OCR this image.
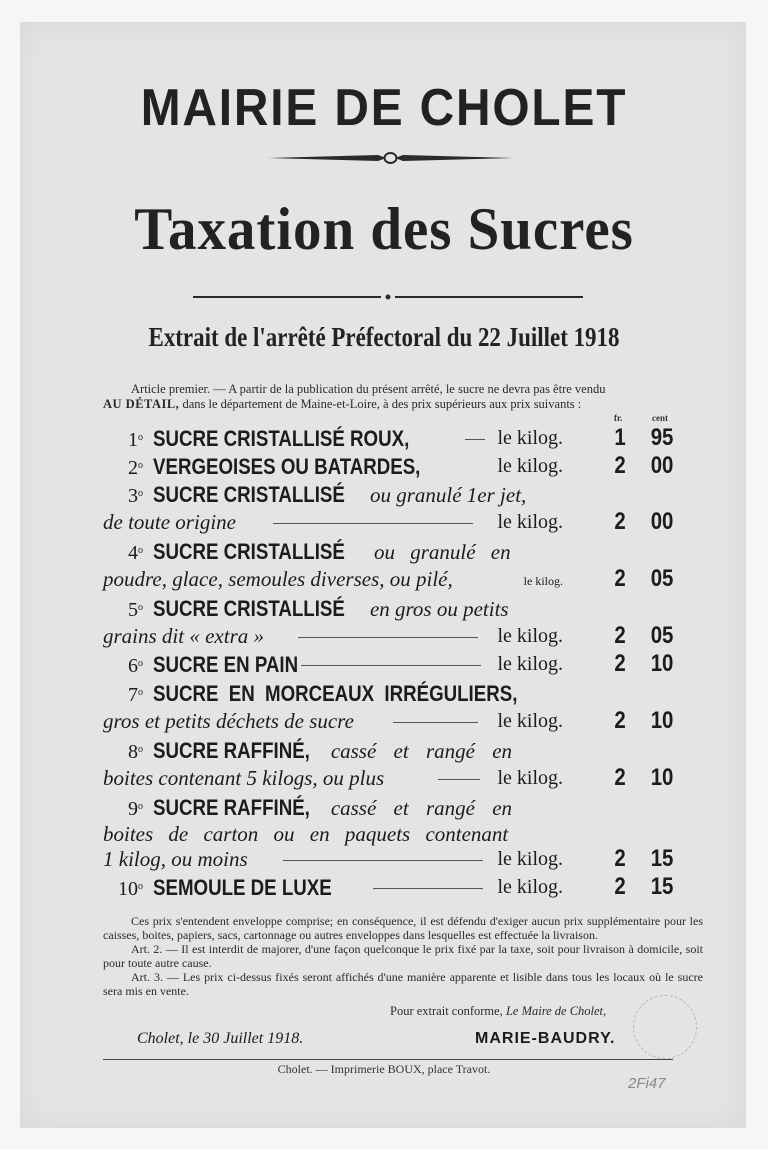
MAIRIE DE CHOLET
Taxation des Sucres
Extrait de l'arrêté Préfectoral du 22 Juillet 1918
Article premier. — A partir de la publication du présent arrêté, le sucre ne devra pas être vendu
AU DÉTAIL, dans le département de Maine-et-Loire, à des prix supérieurs aux prix suivants :
fr.	cent
1$^o$ SUCRE CRISTALLISÉ ROUX,	le kilog. 1 95
2$^o$ VERGEOISES OU BATARDES,	le kilog. 2 00
3$^o$ SUCRE CRISTALLISÉ ou granulé 1er jet,
de toute origine	le kilog. 2 00
4$^o$ SUCRE CRISTALLISÉ ou granulé en
poudre, glace, semoules diverses, ou pilé,	le kilog. 2 05
5$^o$ SUCRE CRISTALLISÉ en gros ou petits
grains dit « extra »	le kilog. 2 05
6$^o$ SUCRE EN PAIN	le kilog. 2 10
7$^o$ SUCRE EN MORCEAUX IRRÉGULIERS,
gros et petits déchets de sucre	le kilog. 2 10
8$^o$ SUCRE RAFFINÉ, cassé et rangé en
boites contenant 5 kilogs, ou plus	le kilog. 2 10
9$^o$ SUCRE RAFFINÉ, cassé et rangé en
boites de carton ou en paquets contenant
1 kilog, ou moins	le kilog. 2 15
10$^o$ SEMOULE DE LUXE	le kilog. 2 15

Ces prix s'entendent enveloppe comprise; en conséquence, il est défendu d'exiger aucun prix supplémentaire pour les caisses, boites, papiers, sacs, cartonnage ou autres enveloppes dans lesquelles est effectuée la livraison.

Art. 2. — Il est interdit de majorer, d'une façon quelconque le prix fixé par la taxe, soit pour livraison à domicile, soit pour toute autre cause.

Art. 3. — Les prix ci-dessus fixés seront affichés d'une manière apparente et lisible dans tous les locaux où le sucre sera mis en vente.

Pour extrait conforme, Le Maire de Cholet,
Cholet, le 30 Juillet 1918.	MARIE-BAUDRY.
Cholet. — Imprimerie BOUX, place Travot.
2Fi47
